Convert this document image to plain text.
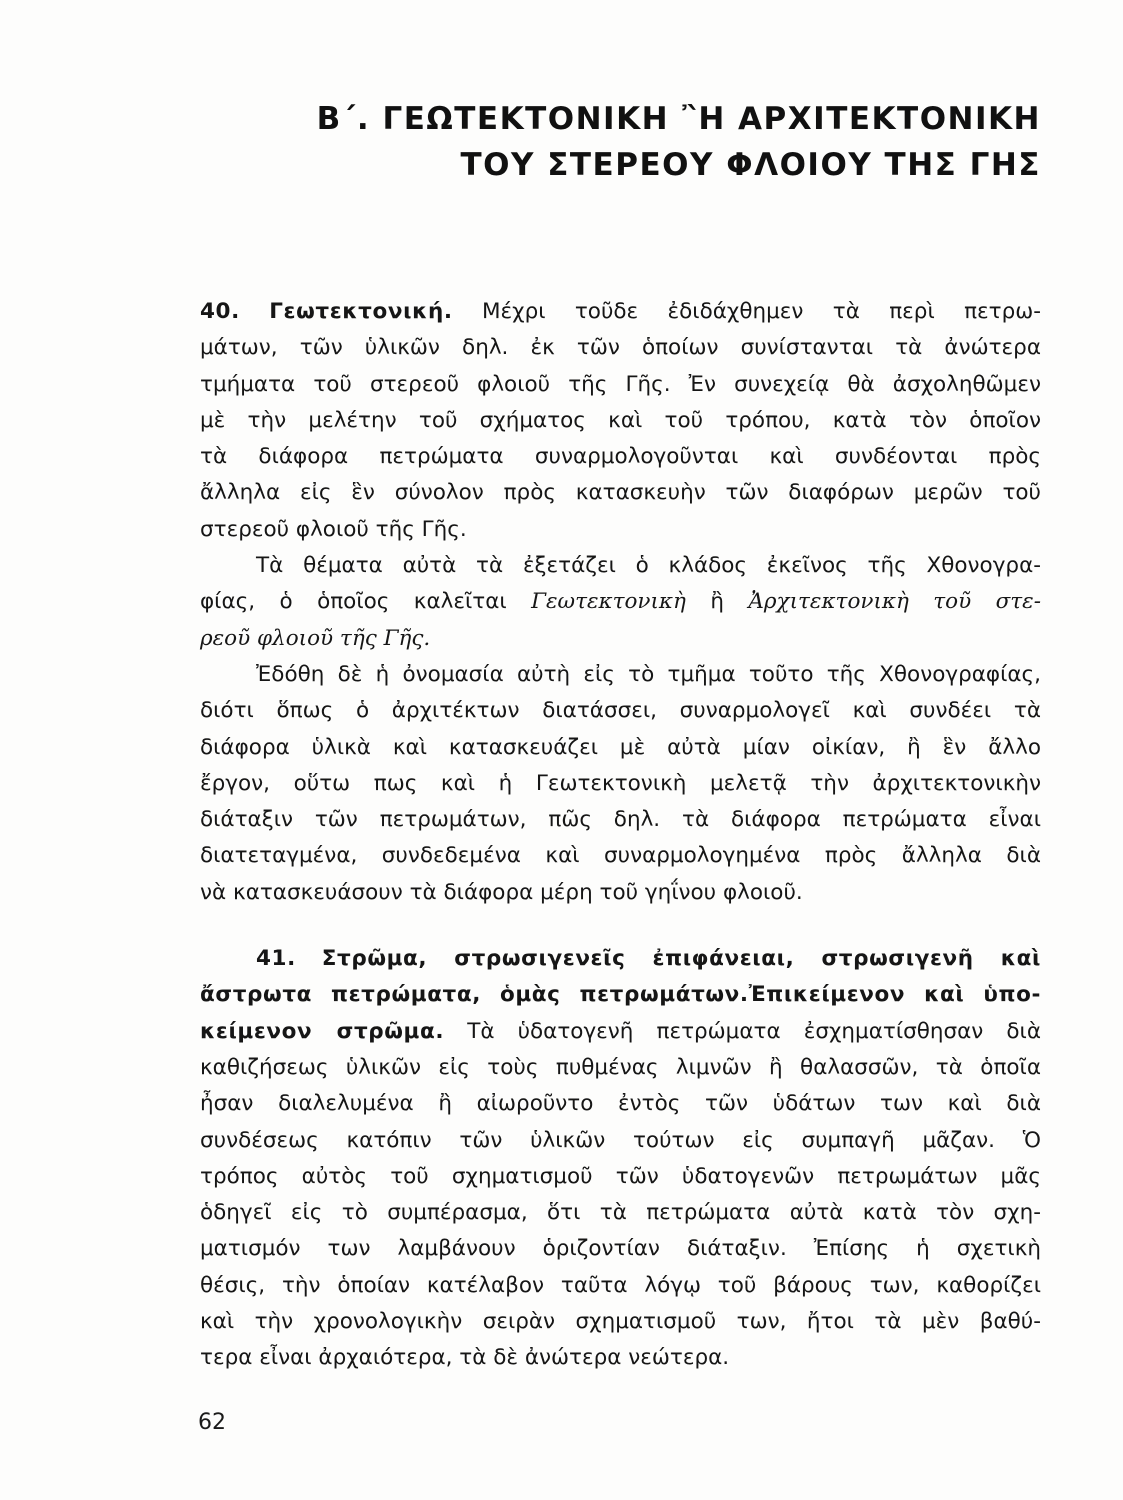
Β΄. ΓΕΩΤΕΚΤΟΝΙΚΗ ῍Η ΑΡΧΙΤΕΚΤΟΝΙΚΗ
ΤΟΥ ΣΤΕΡΕΟΥ ΦΛΟΙΟΥ ΤΗΣ ΓΗΣ
40. Γεωτεκτονική. Μέχρι τοῦδε ἐδιδάχθημεν τὰ περὶ πετρω-
μάτων, τῶν ὑλικῶν δηλ. ἐκ τῶν ὁποίων συνίστανται τὰ ἀνώτερα
τμήματα τοῦ στερεοῦ φλοιοῦ τῆς Γῆς. Ἐν συνεχείᾳ θὰ ἀσχοληθῶμεν
μὲ τὴν μελέτην τοῦ σχήματος καὶ τοῦ τρόπου, κατὰ τὸν ὁποῖον
τὰ διάφορα πετρώματα συναρμολογοῦνται καὶ συνδέονται πρὸς
ἄλληλα εἰς ἓν σύνολον πρὸς κατασκευὴν τῶν διαφόρων μερῶν τοῦ
στερεοῦ φλοιοῦ τῆς Γῆς.
Τὰ θέματα αὐτὰ τὰ ἐξετάζει ὁ κλάδος ἐκεῖνος τῆς Χθονογρα-
φίας, ὁ ὁποῖος καλεῖται Γεωτεκτονικὴ ἢ Ἀρχιτεκτονικὴ τοῦ στε-
ρεοῦ φλοιοῦ τῆς Γῆς.
Ἐδόθη δὲ ἡ ὀνομασία αὐτὴ εἰς τὸ τμῆμα τοῦτο τῆς Χθονογραφίας,
διότι ὅπως ὁ ἀρχιτέκτων διατάσσει, συναρμολογεῖ καὶ συνδέει τὰ
διάφορα ὑλικὰ καὶ κατασκευάζει μὲ αὐτὰ μίαν οἰκίαν, ἢ ἓν ἄλλο
ἔργον, οὕτω πως καὶ ἡ Γεωτεκτονικὴ μελετᾷ τὴν ἀρχιτεκτονικὴν
διάταξιν τῶν πετρωμάτων, πῶς δηλ. τὰ διάφορα πετρώματα εἶναι
διατεταγμένα, συνδεδεμένα καὶ συναρμολογημένα πρὸς ἄλληλα διὰ
νὰ κατασκευάσουν τὰ διάφορα μέρη τοῦ γηΐνου φλοιοῦ.
41. Στρῶμα, στρωσιγενεῖς ἐπιφάνειαι, στρωσιγενῆ καὶ
ἄστρωτα πετρώματα, ὁμὰς πετρωμάτων.Ἐπικείμενον καὶ ὑπο-
κείμενον στρῶμα. Τὰ ὑδατογενῆ πετρώματα ἐσχηματίσθησαν διὰ
καθιζήσεως ὑλικῶν εἰς τοὺς πυθμένας λιμνῶν ἢ θαλασσῶν, τὰ ὁποῖα
ἦσαν διαλελυμένα ἢ αἰωροῦντο ἐντὸς τῶν ὑδάτων των καὶ διὰ
συνδέσεως κατόπιν τῶν ὑλικῶν τούτων εἰς συμπαγῆ μᾶζαν. Ὁ
τρόπος αὐτὸς τοῦ σχηματισμοῦ τῶν ὑδατογενῶν πετρωμάτων μᾶς
ὁδηγεῖ εἰς τὸ συμπέρασμα, ὅτι τὰ πετρώματα αὐτὰ κατὰ τὸν σχη-
ματισμόν των λαμβάνουν ὁριζοντίαν διάταξιν. Ἐπίσης ἡ σχετικὴ
θέσις, τὴν ὁποίαν κατέλαβον ταῦτα λόγῳ τοῦ βάρους των, καθορίζει
καὶ τὴν χρονολογικὴν σειρὰν σχηματισμοῦ των, ἤτοι τὰ μὲν βαθύ-
τερα εἶναι ἀρχαιότερα, τὰ δὲ ἀνώτερα νεώτερα.
62
